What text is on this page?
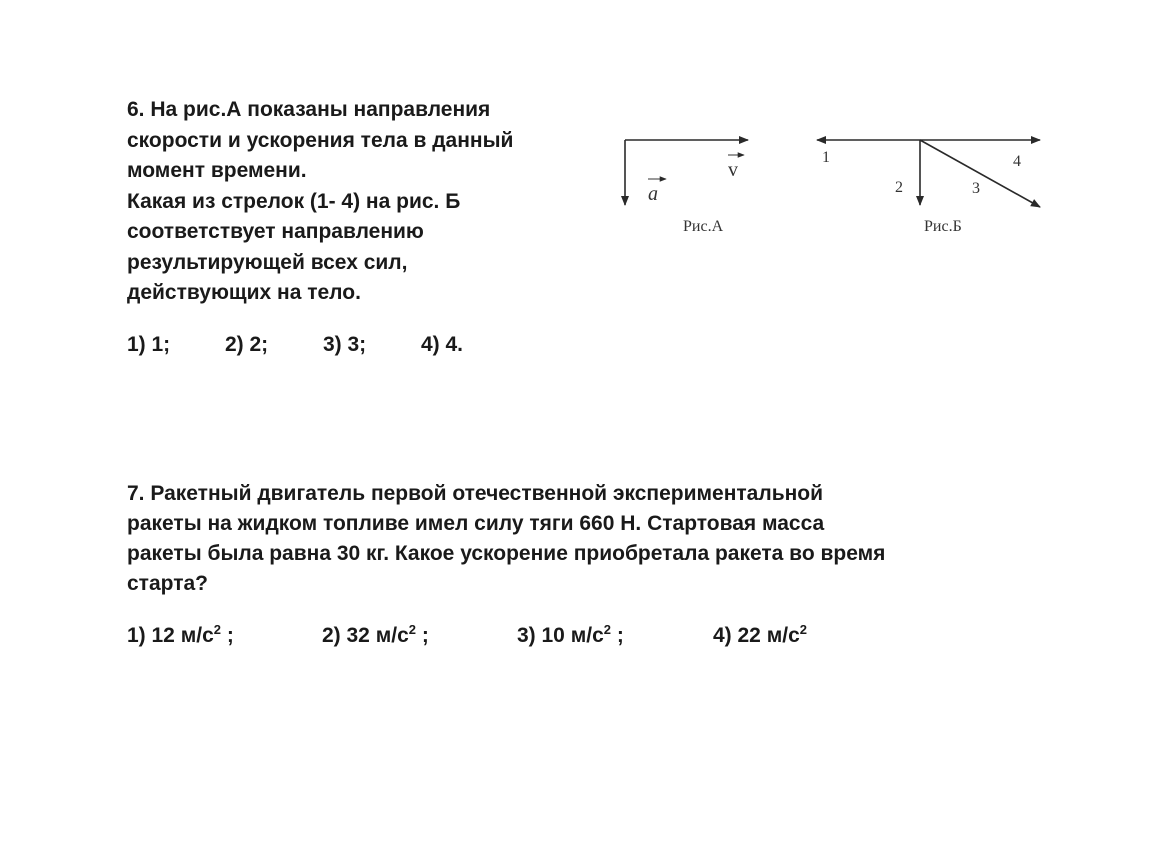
6. На рис.А показаны направления
скорости и ускорения тела в данный
момент времени.
Какая из стрелок (1- 4) на рис. Б
соответствует направлению
результирующей всех сил,
действующих на тело.
1) 1;	2) 2;	3) 3;	4) 4.
v
a
Рис.А
1
2	3
4
Рис.Б
7. Ракетный двигатель первой отечественной экспериментальной
ракеты на жидком топливе имел силу тяги 660 Н. Стартовая масса
ракеты была равна 30 кг. Какое ускорение приобретала ракета во время
старта?
1) 12 $м/с^2$ ;	2) 32 $м/с^2$ ;	3) 10 $м/с^2$ ;	4) 22 $м/с^2$
